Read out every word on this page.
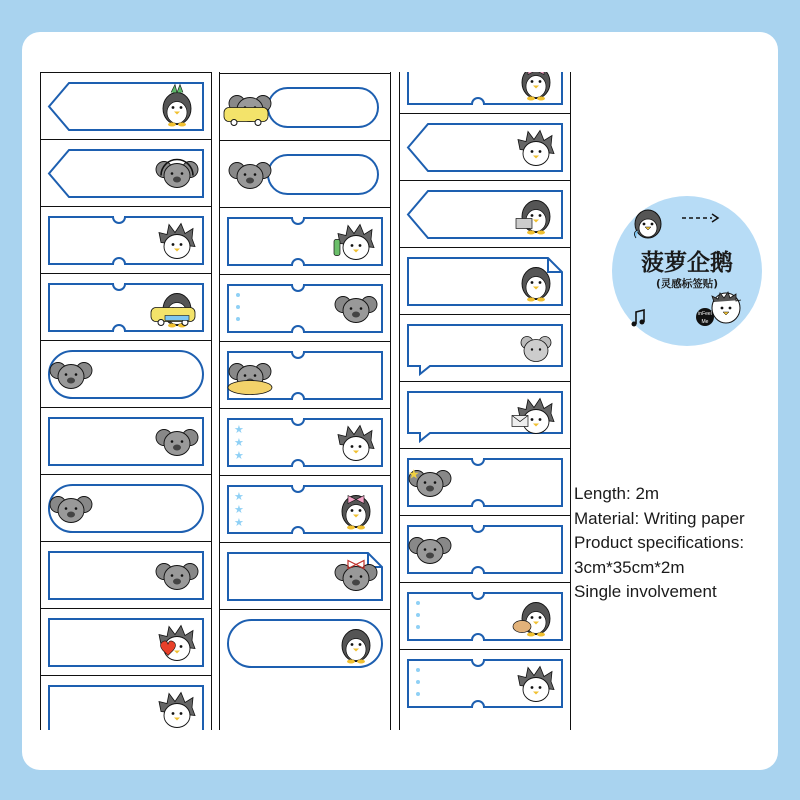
★
★
★
★
★
★
★
菠萝企鹅
(灵感标签贴)
inFeel Me
Length: 2m
Material: Writing paper
Product specifications:
3cm*35cm*2m
Single involvement
